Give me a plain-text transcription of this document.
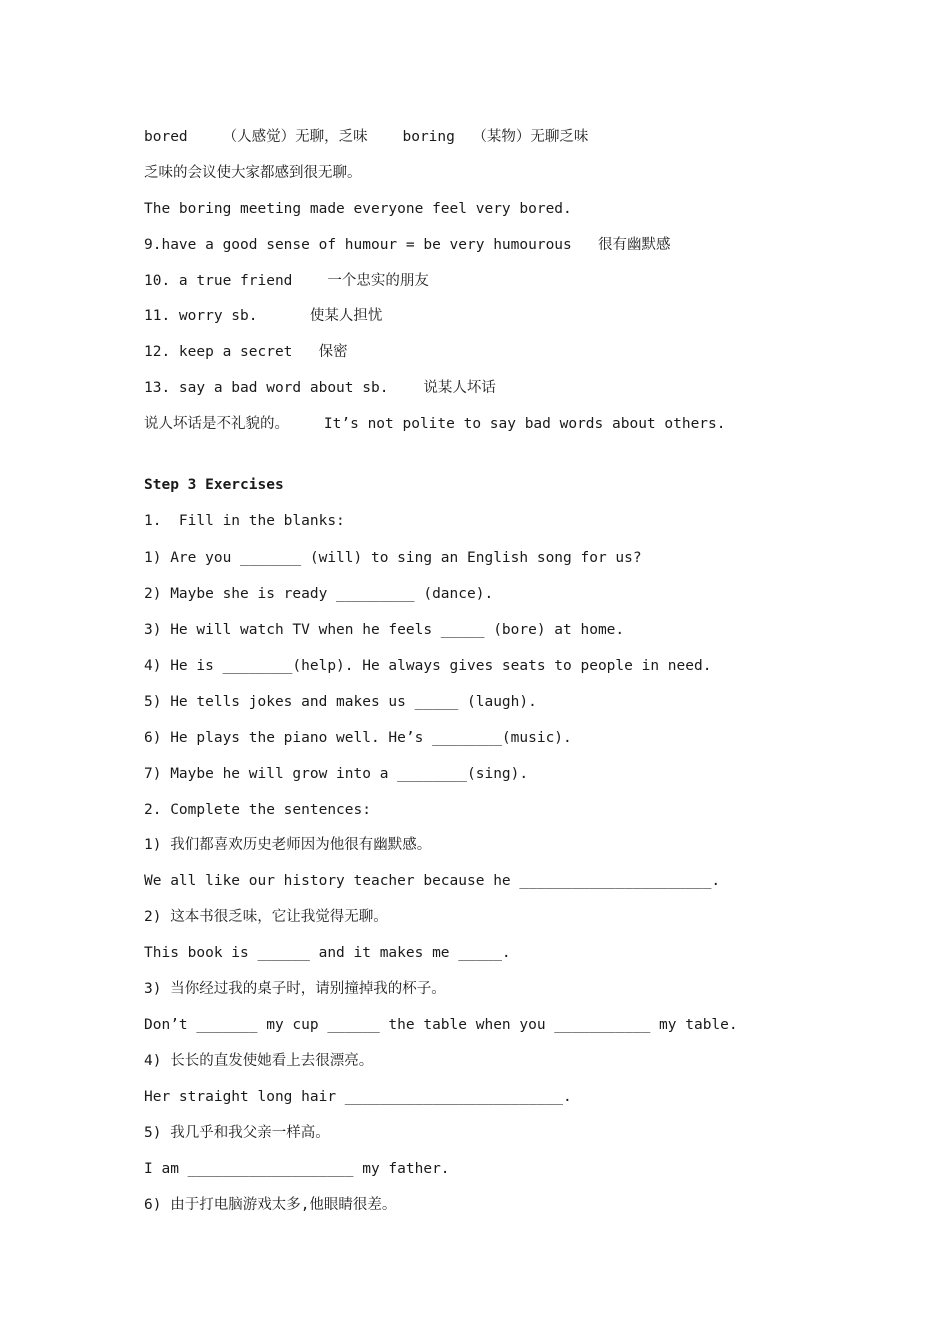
bored    （人感觉）无聊，乏味    boring  （某物）无聊乏味
乏味的会议使大家都感到很无聊。
The boring meeting made everyone feel very bored.
9.have a good sense of humour = be very humourous   很有幽默感
10. a true friend    一个忠实的朋友
11. worry sb.      使某人担忧
12. keep a secret   保密
13. say a bad word about sb.    说某人坏话
说人坏话是不礼貌的。    It’s not polite to say bad words about others.
Step 3 Exercises
1.  Fill in the blanks:
1) Are you _______ (will) to sing an English song for us?
2) Maybe she is ready _________ (dance).
3) He will watch TV when he feels _____ (bore) at home.
4) He is ________(help). He always gives seats to people in need.
5) He tells jokes and makes us _____ (laugh).
6) He plays the piano well. He’s ________(music).
7) Maybe he will grow into a ________(sing).
2. Complete the sentences:
1) 我们都喜欢历史老师因为他很有幽默感。
We all like our history teacher because he ______________________.
2) 这本书很乏味，它让我觉得无聊。
This book is ______ and it makes me _____.
3) 当你经过我的桌子时，请别撞掉我的杯子。
Don’t _______ my cup ______ the table when you ___________ my table.
4) 长长的直发使她看上去很漂亮。
Her straight long hair _________________________.
5) 我几乎和我父亲一样高。
I am ___________________ my father.
6) 由于打电脑游戏太多,他眼睛很差。
